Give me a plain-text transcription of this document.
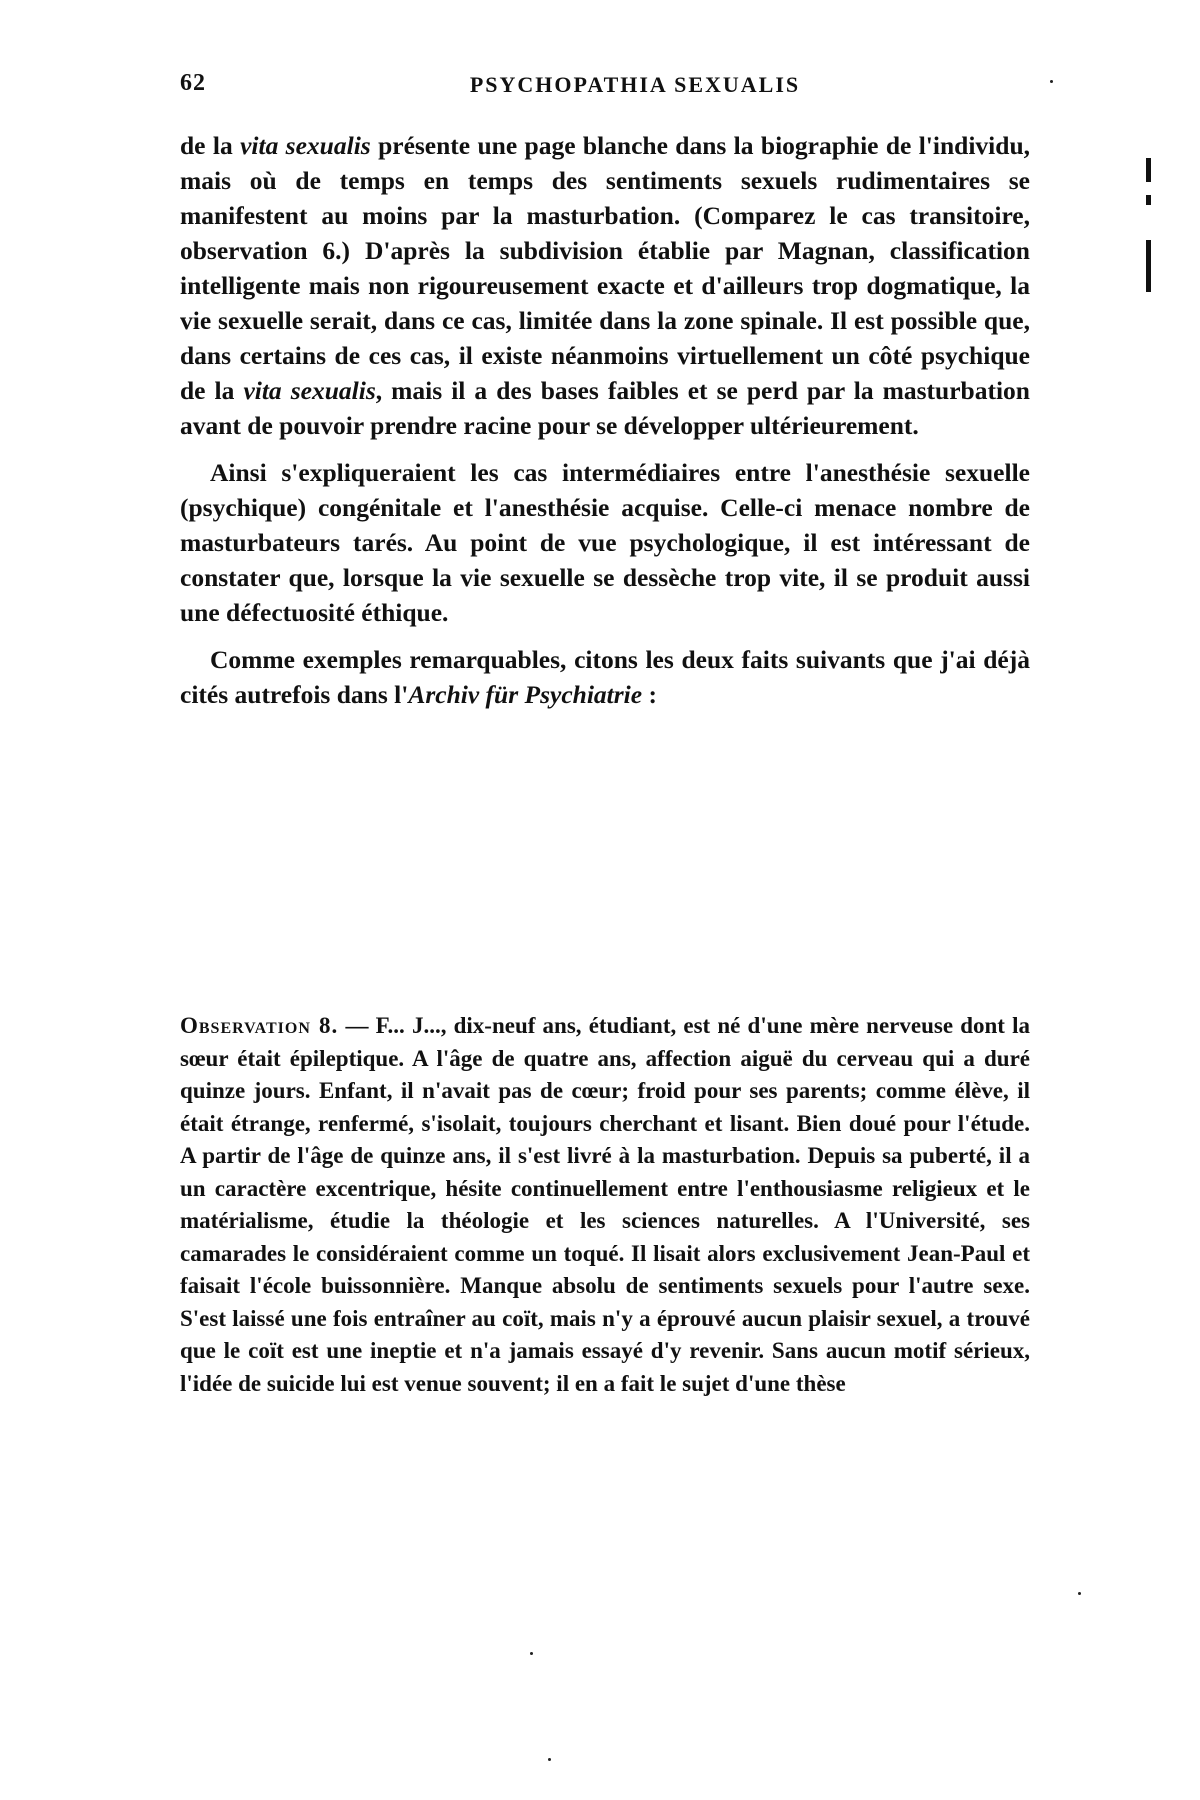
62	PSYCHOPATHIA SEXUALIS

de la vita sexualis présente une page blanche dans la biographie de l'individu, mais où de temps en temps des sentiments sexuels rudimentaires se manifestent au moins par la masturbation. (Comparez le cas transitoire, observation 6.) D'après la subdivision établie par Magnan, classification intelligente mais non rigoureusement exacte et d'ailleurs trop dogmatique, la vie sexuelle serait, dans ce cas, limitée dans la zone spinale. Il est possible que, dans certains de ces cas, il existe néanmoins virtuellement un côté psychique de la vita sexualis, mais il a des bases faibles et se perd par la masturbation avant de pouvoir prendre racine pour se développer ultérieurement.

Ainsi s'expliqueraient les cas intermédiaires entre l'anesthésie sexuelle (psychique) congénitale et l'anesthésie acquise. Celle-ci menace nombre de masturbateurs tarés. Au point de vue psychologique, il est intéressant de constater que, lorsque la vie sexuelle se dessèche trop vite, il se produit aussi une défectuosité éthique.

Comme exemples remarquables, citons les deux faits suivants que j'ai déjà cités autrefois dans l'Archiv für Psychiatrie :

Observation 8. — F... J..., dix-neuf ans, étudiant, est né d'une mère nerveuse dont la sœur était épileptique. A l'âge de quatre ans, affection aiguë du cerveau qui a duré quinze jours. Enfant, il n'avait pas de cœur; froid pour ses parents; comme élève, il était étrange, renfermé, s'isolait, toujours cherchant et lisant. Bien doué pour l'étude. A partir de l'âge de quinze ans, il s'est livré à la masturbation. Depuis sa puberté, il a un caractère excentrique, hésite continuellement entre l'enthousiasme religieux et le matérialisme, étudie la théologie et les sciences naturelles. A l'Université, ses camarades le considéraient comme un toqué. Il lisait alors exclusivement Jean-Paul et faisait l'école buissonnière. Manque absolu de sentiments sexuels pour l'autre sexe. S'est laissé une fois entraîner au coït, mais n'y a éprouvé aucun plaisir sexuel, a trouvé que le coït est une ineptie et n'a jamais essayé d'y revenir. Sans aucun motif sérieux, l'idée de suicide lui est venue souvent; il en a fait le sujet d'une thèse
